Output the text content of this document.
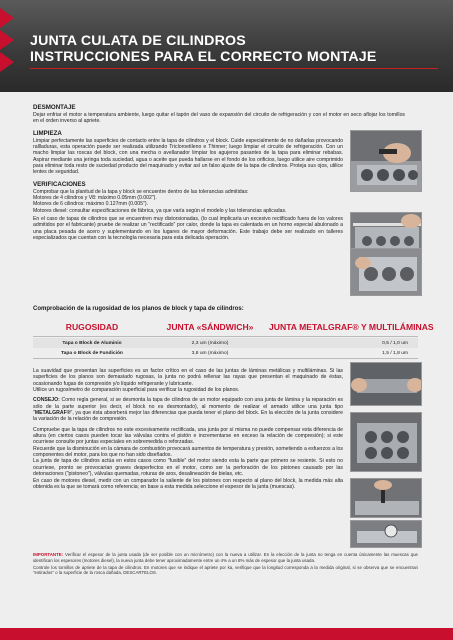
JUNTA CULATA DE CILINDROS
INSTRUCCIONES PARA EL CORRECTO MONTAJE
DESMONTAJE

Dejar enfriar el motor a temperatura ambiente, luego quitar el tapón del vaso de expansión del circuito de refrigeración y con el motor en seco aflojar los tornillos en el orden inverso al apriete.

LIMPIEZA

Limpiar perfectamente las superficies de contacto entre la tapa de cilindros y el block. Cuide especialmente de no dañarlas provocando rallladuras, esta operación puede ser realizada utilizando Tricloroetileno e Thinner; luego limpiar el circuito de refrigeración. Con un macho limpiar las roscas del block, con una mecha o avellanador limpiar los agujeros pasantes de la tapa para eliminar rebabas. Aspirar mediante una jeringa toda suciedad, agua o aceite que pueda hallarse en el fondo de los orificios, luego utilice aire comprimido para eliminar toda resto de suciedad producto del maquinado y evitar así un falso ajuste de la tapa de cilindros. Proteja sus ojos, utilice lentes de seguridad.

VERIFICACIONES

Comprobar que la planitud de la tapa y block se encuentre dentro de las tolerancias admitidas:

Motores de 4 cilindros y V8: máximo 0.05mm (0.002").

Motores de 6 cilindros: máximo 0.127mm (0.005").

Motores diesel: consultar especificaciones de fábrica, ya que varía según el modelo y las tolerancias aplicadas.

En el caso de tapas de cilindros que se encuentren muy distorsionadas, (lo cual implicaría un excesivo rectificado fuera de los valores admitidos por el fabricante) pruebe de realizar un "rectificado" por calor, donde la tapa es calentada en un horno especial abulonado a una placa pesada de acero y suplementando en los lugares de mayor deformación. Este trabajo debe ser realizado en talleres especializados que cuentan con la tecnología necesaria para esta delicada operación.

Comprobación de la rugosidad de los planos de block y tapa de cilindros:
RUGOSIDAD	JUNTA «SÁNDWICH»	JUNTA METALGRAF® Y MULTILÁMINAS
Tapa o Block de Aluminio	2,3 um (máximo)	0,5 / 1,0 um
Tapa o Block de Fundición	3,8 um (máximo)	1,5 / 1,8 um

La suavidad que presentan las superficies es un factor crítico en el caso de las juntas de láminas metálicas y multiláminas. Si las superficies de los planos son demasiado rugosas, la junta no podrá rellenar las rayas que presentan el maquinado de éstas, ocasionando fugas de compresión y/o líquido refrigerante y lubricante.

Utilice un rugosímetro de comparación superficial para verificar la rugosidad de los planos.

CONSEJO: Como regla general, si se desmonta la tapa de cilindros de un motor equipado con una junta de lámina y la reparación es sólo de la parte superior (es decir, el block no es desmontado), al momento de realizar el armado utilice una junta tipo "METALGRAF®", ya que ésta absorberá mejor las diferencias que pueda tener el plano del block. En la elección de la junta considere la variación de la relación de compresión.

Compruebe que la tapa de cilindros no este excesivamente rectificada, una junta por sí misma no puede compensar esta diferencia de altura (en ciertos casos pueden tocar las válvulas contra el pistón e incrementarse en exceso la relación de compresión); si este ocurriese consulte por juntas especiales en sobremedida o reforzadas.

Recuerde que la disminución en la cámara de combustión provocará aumentos de temperatura y presión, sometiendo a esfuerzos a los componentes del motor, para los que no han sido diseñados.

La junta de tapa de cilindros actúa en estos casos como "fusible" del motor siendo esta la parte que primero se resiente. Si esto no ocurriese, pronto se provocarían graves desperfectos en el motor, como ser la perforación de los pistones causado por las detonaciones ("pistoneo"), válvulas quemadas, roturas de aros, desalineación de bielas, etc.

En caso de motores diesel, medir con un comparador la saliente de los pistones con respecto al plano del block, la medida más alta obtenida es la que se tomará como referencia; en base a esta medida seleccione el espesor de la junta (muescas).

IMPORTANTE: Verificar el espesor de la junta usada (de ser posible con un micrómetro) con la nueva a utilizar. En la elección de la junta no tenga en cuenta únicamente las muescas que identifican los espesores (motores diesel), la nueva junta debe tener aproximadamente entre un 4% a un 8% más de espesor que la junta usada.

Controle los tornillos de apriete de la tapa de cilindros. En motores que se indique el apriete por ka, verifique que la longitud corresponda a la medida original, si se observa que se encuentran "estirados" o la superficie de la rosca dañada, DESCARTELOS.
